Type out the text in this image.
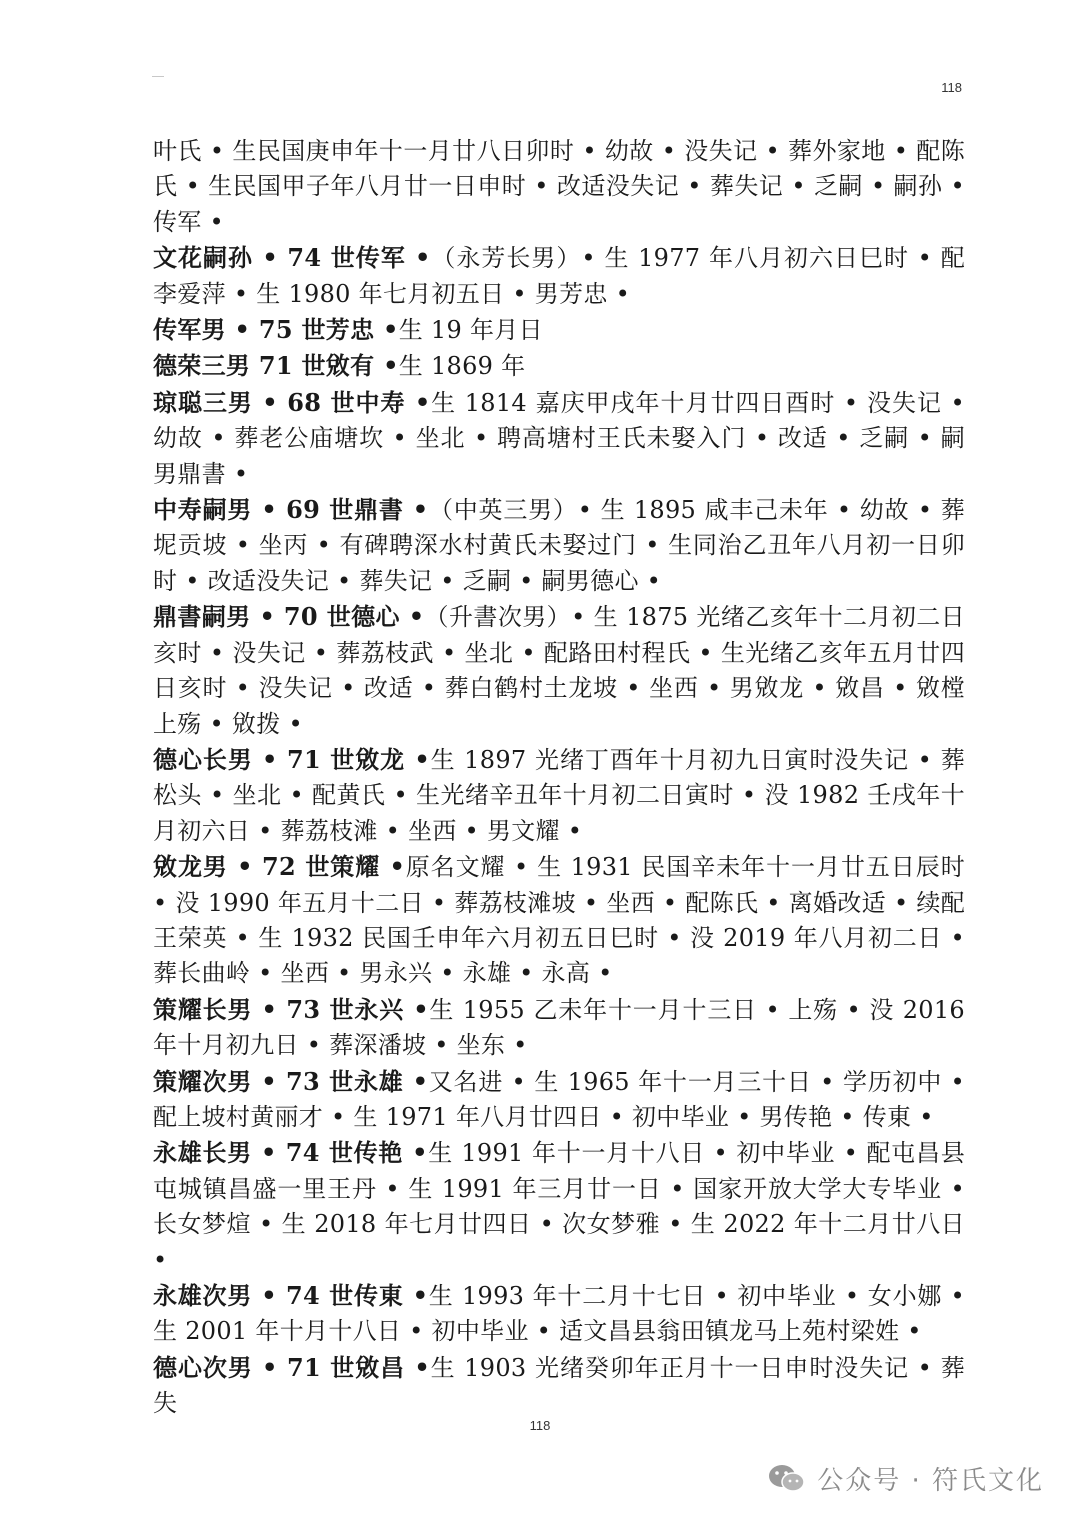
118

叶氏 • 生民国庚申年十一月廿八日卯时 • 幼故 • 没失记 • 葬外家地 • 配陈氏 • 生民国甲子年八月廿一日申时 • 改适没失记 • 葬失记 • 乏嗣 • 嗣孙 • 传军 •

文花嗣孙 • 74 世传军 •（永芳长男）• 生 1977 年八月初六日巳时 • 配李爱萍 • 生 1980 年七月初五日 • 男芳忠 •

传军男 • 75 世芳忠 •生 19 年月日

德荣三男 71 世敓有 •生 1869 年

琼聪三男 • 68 世中寿 •生 1814 嘉庆甲戌年十月廿四日酉时 • 没失记 • 幼故 • 葬老公庙塘坎 • 坐北 • 聘高塘村王氏未娶入门 • 改适 • 乏嗣 • 嗣男鼎書 •

中寿嗣男 • 69 世鼎書 •（中英三男）• 生 1895 咸丰己未年 • 幼故 • 葬坭贡坡 • 坐丙 • 有碑聘深水村黄氏未娶过门 • 生同治乙丑年八月初一日卯时 • 改适没失记 • 葬失记 • 乏嗣 • 嗣男德心 •

鼎書嗣男 • 70 世德心 •（升書次男）• 生 1875 光绪乙亥年十二月初二日亥时 • 没失记 • 葬荔枝武 • 坐北 • 配路田村程氏 • 生光绪乙亥年五月廿四日亥时 • 没失记 • 改适 • 葬白鹤村土龙坡 • 坐西 • 男敓龙 • 敓昌 • 敓樘上殇 • 敓拨 •

德心长男 • 71 世敓龙 •生 1897 光绪丁酉年十月初九日寅时没失记 • 葬松头 • 坐北 • 配黄氏 • 生光绪辛丑年十月初二日寅时 • 没 1982 壬戌年十月初六日 • 葬荔枝滩 • 坐西 • 男文耀 •

敓龙男 • 72 世策耀 •原名文耀 • 生 1931 民国辛未年十一月廿五日辰时 • 没 1990 年五月十二日 • 葬荔枝滩坡 • 坐西 • 配陈氏 • 离婚改适 • 续配王荣英 • 生 1932 民国壬申年六月初五日巳时 • 没 2019 年八月初二日 • 葬长曲岭 • 坐西 • 男永兴 • 永雄 • 永高 •

策耀长男 • 73 世永兴 •生 1955 乙未年十一月十三日 • 上殇 • 没 2016 年十月初九日 • 葬深潘坡 • 坐东 •

策耀次男 • 73 世永雄 •又名进 • 生 1965 年十一月三十日 • 学历初中 • 配上坡村黄丽才 • 生 1971 年八月廿四日 • 初中毕业 • 男传艳 • 传東 •

永雄长男 • 74 世传艳 •生 1991 年十一月十八日 • 初中毕业 • 配屯昌县屯城镇昌盛一里王丹 • 生 1991 年三月廿一日 • 国家开放大学大专毕业 • 长女梦煊 • 生 2018 年七月廿四日 • 次女梦雅 • 生 2022 年十二月廿八日 •

永雄次男 • 74 世传東 •生 1993 年十二月十七日 • 初中毕业 • 女小娜 • 生 2001 年十月十八日 • 初中毕业 • 适文昌县翁田镇龙马上苑村梁姓 •

德心次男 • 71 世敓昌 •生 1903 光绪癸卯年正月十一日申时没失记 • 葬失

118
公众号 · 符氏文化
